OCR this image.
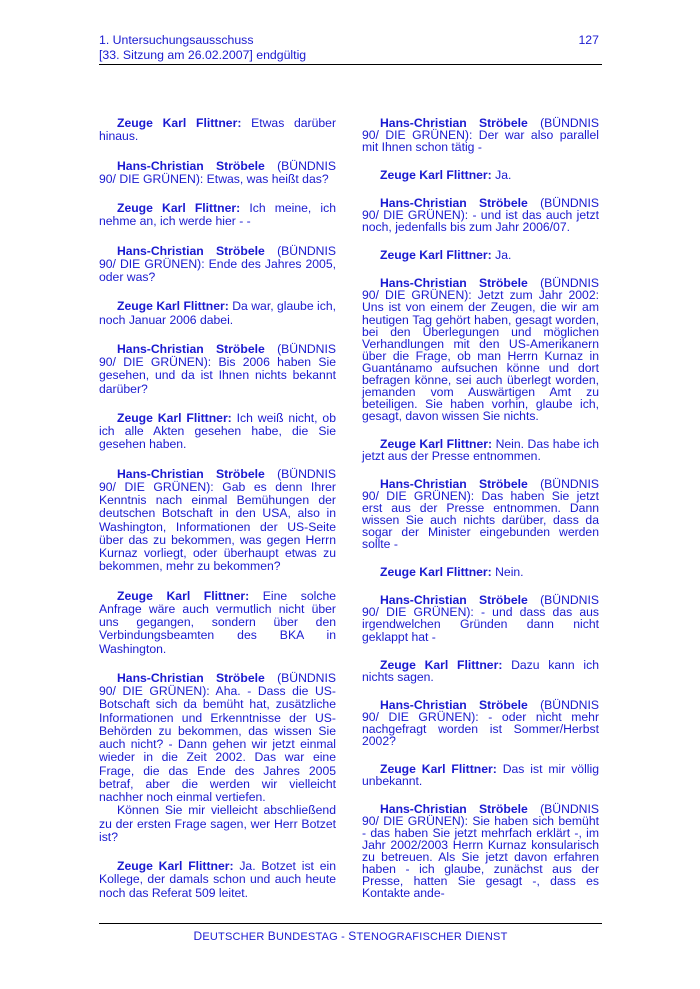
1. Untersuchungsausschuss
[33. Sitzung am 26.02.2007] endgültig
127

Zeuge Karl Flittner: Etwas darüber hinaus.

Hans-Christian Ströbele (BÜNDNIS 90/ DIE GRÜNEN): Etwas, was heißt das?

Zeuge Karl Flittner: Ich meine, ich nehme an, ich werde hier - -

Hans-Christian Ströbele (BÜNDNIS 90/ DIE GRÜNEN): Ende des Jahres 2005, oder was?

Zeuge Karl Flittner: Da war, glaube ich, noch Januar 2006 dabei.

Hans-Christian Ströbele (BÜNDNIS 90/ DIE GRÜNEN): Bis 2006 haben Sie gesehen, und da ist Ihnen nichts bekannt darüber?

Zeuge Karl Flittner: Ich weiß nicht, ob ich alle Akten gesehen habe, die Sie gesehen haben.

Hans-Christian Ströbele (BÜNDNIS 90/ DIE GRÜNEN): Gab es denn Ihrer Kenntnis nach einmal Bemühungen der deutschen Botschaft in den USA, also in Washington, Informationen der US-Seite über das zu bekommen, was gegen Herrn Kurnaz vorliegt, oder überhaupt etwas zu bekommen, mehr zu bekommen?

Zeuge Karl Flittner: Eine solche Anfrage wäre auch vermutlich nicht über uns gegangen, sondern über den Verbindungsbeamten des BKA in Washington.

Hans-Christian Ströbele (BÜNDNIS 90/ DIE GRÜNEN): Aha. - Dass die US-Botschaft sich da bemüht hat, zusätzliche Informationen und Erkenntnisse der US-Behörden zu bekommen, das wissen Sie auch nicht? - Dann gehen wir jetzt einmal wieder in die Zeit 2002. Das war eine Frage, die das Ende des Jahres 2005 betraf, aber die werden wir vielleicht nachher noch einmal vertiefen.

Können Sie mir vielleicht abschließend zu der ersten Frage sagen, wer Herr Botzet ist?

Zeuge Karl Flittner: Ja. Botzet ist ein Kollege, der damals schon und auch heute noch das Referat 509 leitet.

Hans-Christian Ströbele (BÜNDNIS 90/ DIE GRÜNEN): Der war also parallel mit Ihnen schon tätig -

Zeuge Karl Flittner: Ja.

Hans-Christian Ströbele (BÜNDNIS 90/ DIE GRÜNEN): - und ist das auch jetzt noch, jedenfalls bis zum Jahr 2006/07.

Zeuge Karl Flittner: Ja.

Hans-Christian Ströbele (BÜNDNIS 90/ DIE GRÜNEN): Jetzt zum Jahr 2002: Uns ist von einem der Zeugen, die wir am heutigen Tag gehört haben, gesagt worden, bei den Überlegungen und möglichen Verhandlungen mit den US-Amerikanern über die Frage, ob man Herrn Kurnaz in Guantánamo aufsuchen könne und dort befragen könne, sei auch überlegt worden, jemanden vom Auswärtigen Amt zu beteiligen. Sie haben vorhin, glaube ich, gesagt, davon wissen Sie nichts.

Zeuge Karl Flittner: Nein. Das habe ich jetzt aus der Presse entnommen.

Hans-Christian Ströbele (BÜNDNIS 90/ DIE GRÜNEN): Das haben Sie jetzt erst aus der Presse entnommen. Dann wissen Sie auch nichts darüber, dass da sogar der Minister eingebunden werden sollte -

Zeuge Karl Flittner: Nein.

Hans-Christian Ströbele (BÜNDNIS 90/ DIE GRÜNEN): - und dass das aus irgendwelchen Gründen dann nicht geklappt hat -

Zeuge Karl Flittner: Dazu kann ich nichts sagen.

Hans-Christian Ströbele (BÜNDNIS 90/ DIE GRÜNEN): - oder nicht mehr nachgefragt worden ist Sommer/Herbst 2002?

Zeuge Karl Flittner: Das ist mir völlig unbekannt.

Hans-Christian Ströbele (BÜNDNIS 90/ DIE GRÜNEN): Sie haben sich bemüht - das haben Sie jetzt mehrfach erklärt -, im Jahr 2002/2003 Herrn Kurnaz konsularisch zu betreuen. Als Sie jetzt davon erfahren haben - ich glaube, zunächst aus der Presse, hatten Sie gesagt -, dass es Kontakte ande-

DEUTSCHER BUNDESTAG - STENOGRAFISCHER DIENST
